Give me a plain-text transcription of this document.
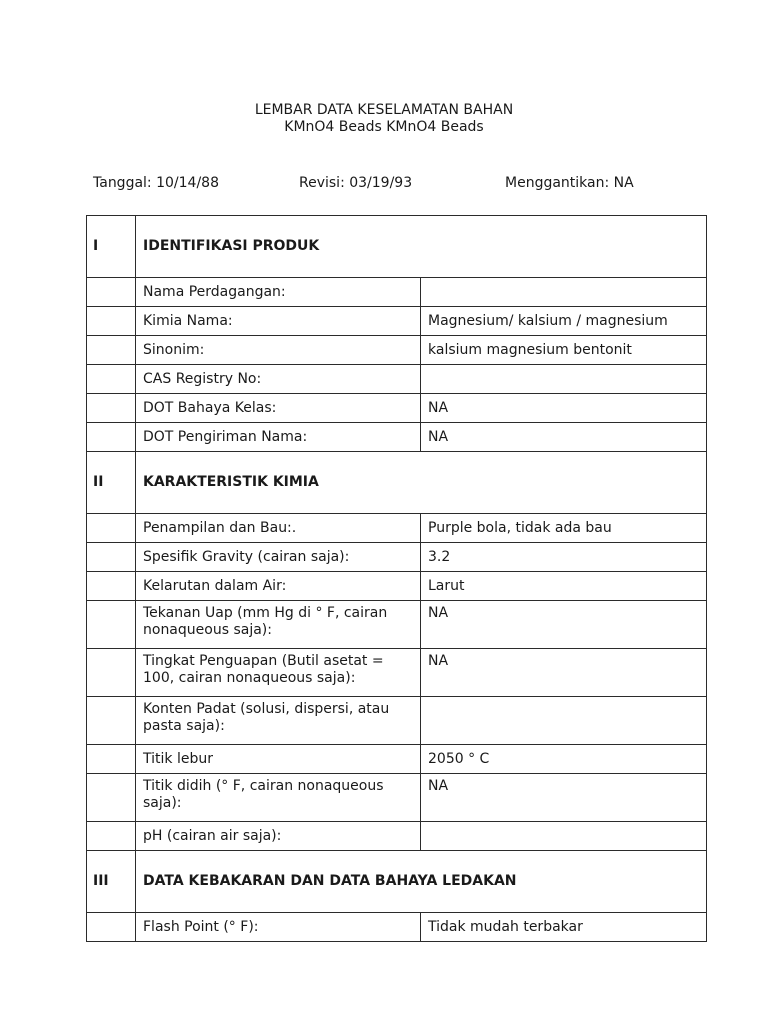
LEMBAR DATA KESELAMATAN BAHAN
KMnO4 Beads KMnO4 Beads
Tanggal: 10/14/88	Revisi: 03/19/93	Menggantikan: NA
I	IDENTIFIKASI PRODUK	
	Nama Perdagangan:	
	Kimia Nama:	Magnesium/ kalsium / magnesium
	Sinonim:	kalsium magnesium bentonit
	CAS Registry No:	
	DOT Bahaya Kelas:	NA
	DOT Pengiriman Nama:	NA
II	KARAKTERISTIK KIMIA	
	Penampilan dan Bau:.	Purple bola, tidak ada bau
	Spesifik Gravity (cairan saja):	3.2
	Kelarutan dalam Air:	Larut
	Tekanan Uap (mm Hg di ° F, cairan nonaqueous saja):	NA
	Tingkat Penguapan (Butil asetat = 100, cairan nonaqueous saja):	NA
	Konten Padat (solusi, dispersi, atau pasta saja):	
	Titik lebur	2050 ° C
	Titik didih (° F, cairan nonaqueous saja):	NA
	pH (cairan air saja):	
III	DATA KEBAKARAN DAN DATA BAHAYA LEDAKAN	
	Flash Point (° F):	Tidak mudah terbakar
